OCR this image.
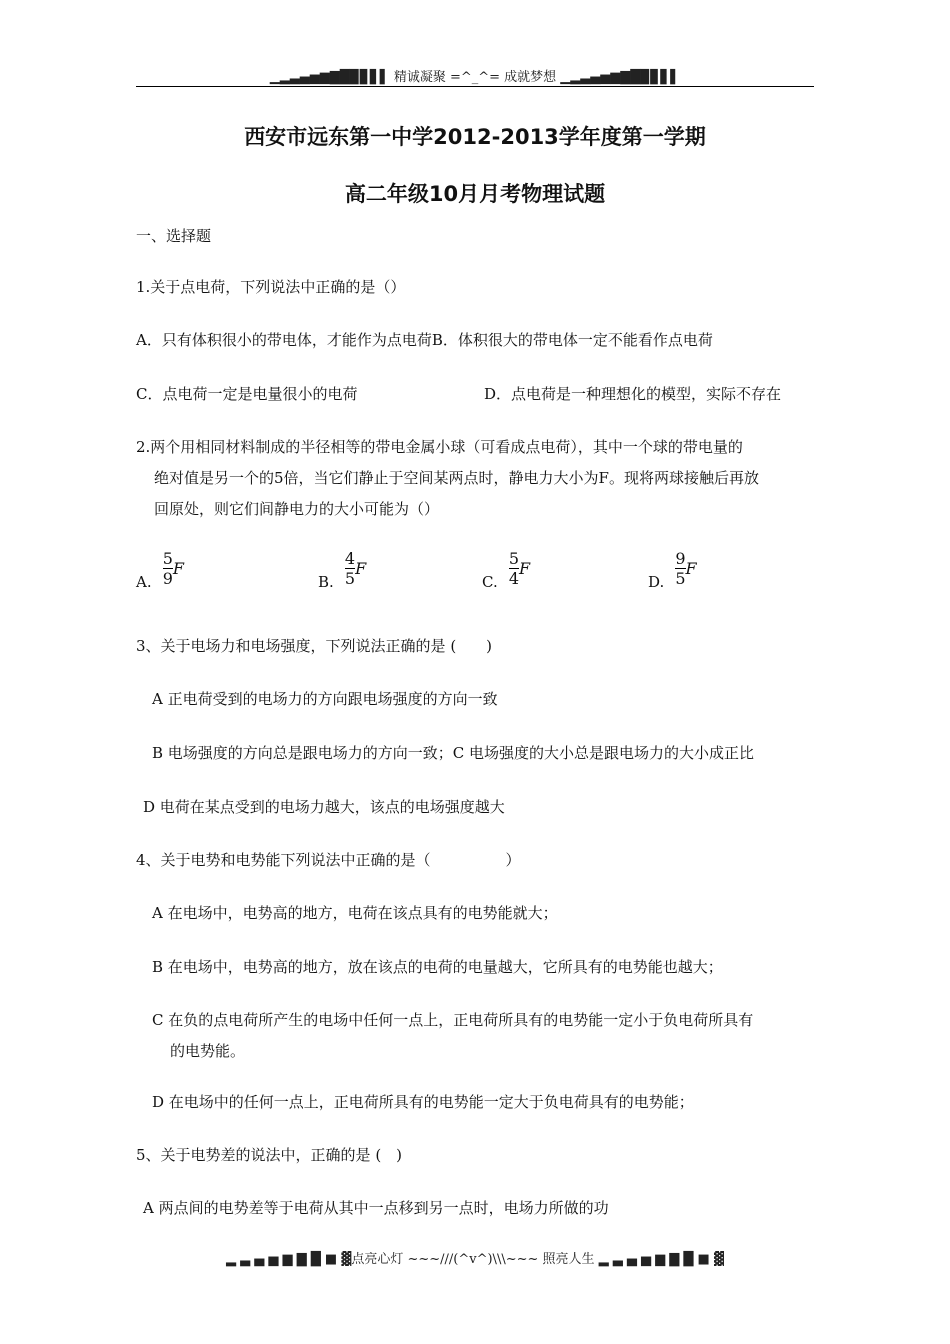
▁▂▃▄▅▆▇█▉▊▋▌ 精诚凝聚 =^_^= 成就梦想 ▁▂▃▄▅▆▇█▉▊▋▌
西安市远东第一中学2012-2013学年度第一学期
高二年级10月月考物理试题
一、选择题
1.关于点电荷，下列说法中正确的是（）
A．只有体积很小的带电体，才能作为点电荷B．体积很大的带电体一定不能看作点电荷
C．点电荷一定是电量很小的电荷	D．点电荷是一种理想化的模型，实际不存在
2.两个用相同材料制成的半径相等的带电金属小球（可看成点电荷），其中一个球的带电量的
绝对值是另一个的5倍，当它们静止于空间某两点时，静电力大小为F。现将两球接触后再放
回原处，则它们间静电力的大小可能为（）
A. $\frac{5}{9}F$
B. $\frac{4}{5}F$
C. $\frac{5}{4}F$
D. $\frac{9}{5}F$
3、关于电场力和电场强度，下列说法正确的是 (　　)
A 正电荷受到的电场力的方向跟电场强度的方向一致
B 电场强度的方向总是跟电场力的方向一致；C 电场强度的大小总是跟电场力的大小成正比
D 电荷在某点受到的电场力越大，该点的电场强度越大
4、关于电势和电势能下列说法中正确的是（　　　　　）
A 在电场中，电势高的地方，电荷在该点具有的电势能就大；
B 在电场中，电势高的地方，放在该点的电荷的电量越大，它所具有的电势能也越大；
C 在负的点电荷所产生的电场中任何一点上，正电荷所具有的电势能一定小于负电荷所具有
的电势能。
D 在电场中的任何一点上，正电荷所具有的电势能一定大于负电荷具有的电势能；
5、关于电势差的说法中，正确的是 (　)
A 两点间的电势差等于电荷从其中一点移到另一点时，电场力所做的功
▂ ▃ ▄ ▅ ▆ ▇ █ ■ ▓点亮心灯 ~~~///(^v^)\\\~~~ 照亮人生 ▂ ▃ ▄ ▅ ▆ ▇ █ ■ ▓
